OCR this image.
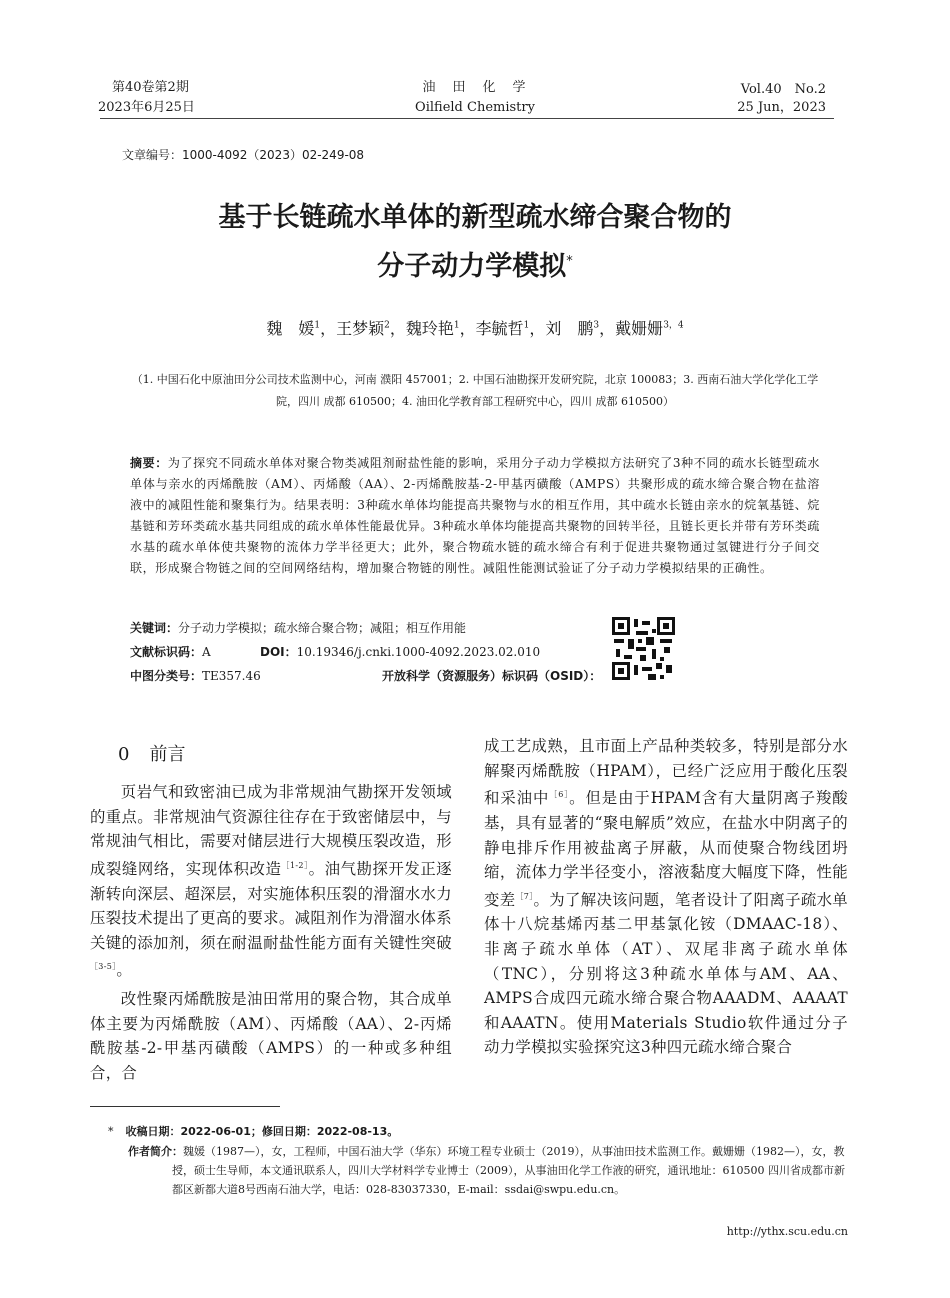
第40卷第2期
2023年6月25日
油　田　化　学
Oilfield Chemistry
Vol.40　No.2
25 Jun，2023
文章编号：1000-4092（2023）02-249-08
基于长链疏水单体的新型疏水缔合聚合物的
分子动力学模拟*
魏　媛$^1$，王梦颖$^2$，魏玲艳$^1$，李毓哲$^1$，刘　鹏$^3$，戴姗姗$^{3,4}$
（1. 中国石化中原油田分公司技术监测中心，河南 濮阳 457001；2. 中国石油勘探开发研究院，北京 100083；3. 西南石油大学化学化工学
院，四川 成都 610500；4. 油田化学教育部工程研究中心，四川 成都 610500）
摘要：为了探究不同疏水单体对聚合物类减阻剂耐盐性能的影响，采用分子动力学模拟方法研究了3种不同的疏水长链型疏水单体与亲水的丙烯酰胺（AM）、丙烯酸（AA）、2-丙烯酰胺基-2-甲基丙磺酸（AMPS）共聚形成的疏水缔合聚合物在盐溶液中的减阻性能和聚集行为。结果表明：3种疏水单体均能提高共聚物与水的相互作用，其中疏水长链由亲水的烷氧基链、烷基链和芳环类疏水基共同组成的疏水单体性能最优异。3种疏水单体均能提高共聚物的回转半径，且链长更长并带有芳环类疏水基的疏水单体使共聚物的流体力学半径更大；此外，聚合物疏水链的疏水缔合有利于促进共聚物通过氢键进行分子间交联，形成聚合物链之间的空间网络结构，增加聚合物链的刚性。减阻性能测试验证了分子动力学模拟结果的正确性。
关键词：分子动力学模拟；疏水缔合聚合物；减阻；相互作用能
文献标识码：A	DOI：10.19346/j.cnki.1000-4092.2023.02.010
中图分类号：TE357.46	开放科学（资源服务）标识码（OSID）：
0 前言

页岩气和致密油已成为非常规油气勘探开发领域的重点。非常规油气资源往往存在于致密储层中，与常规油气相比，需要对储层进行大规模压裂改造，形成裂缝网络，实现体积改造$^{[1-2]}$。油气勘探开发正逐渐转向深层、超深层，对实施体积压裂的滑溜水水力压裂技术提出了更高的要求。减阻剂作为滑溜水体系关键的添加剂，须在耐温耐盐性能方面有关键性突破$^{[3-5]}$。

改性聚丙烯酰胺是油田常用的聚合物，其合成单体主要为丙烯酰胺（AM）、丙烯酸（AA）、2-丙烯酰胺基-2-甲基丙磺酸（AMPS）的一种或多种组合，合

成工艺成熟，且市面上产品种类较多，特别是部分水解聚丙烯酰胺（HPAM），已经广泛应用于酸化压裂和采油中$^{[6]}$。但是由于HPAM含有大量阴离子羧酸基，具有显著的“聚电解质”效应，在盐水中阴离子的静电排斥作用被盐离子屏蔽，从而使聚合物线团坍缩，流体力学半径变小，溶液黏度大幅度下降，性能变差$^{[7]}$。为了解决该问题，笔者设计了阳离子疏水单体十八烷基烯丙基二甲基氯化铵（DMAAC-18）、非离子疏水单体（AT）、双尾非离子疏水单体（TNC），分别将这3种疏水单体与AM、AA、AMPS合成四元疏水缔合聚合物AAADM、AAAAT和AAATN。使用Materials Studio软件通过分子动力学模拟实验探究这3种四元疏水缔合聚合

* 收稿日期：2022-06-01；修回日期：2022-08-13。
作者简介：魏媛（1987—），女，工程师，中国石油大学（华东）环境工程专业硕士（2019），从事油田技术监测工作。戴姗姗（1982—），女，教授，硕士生导师，本文通讯联系人，四川大学材料学专业博士（2009），从事油田化学工作液的研究，通讯地址：610500 四川省成都市新都区新都大道8号西南石油大学，电话：028-83037330，E-mail：ssdai@swpu.edu.cn。
http://ythx.scu.edu.cn
